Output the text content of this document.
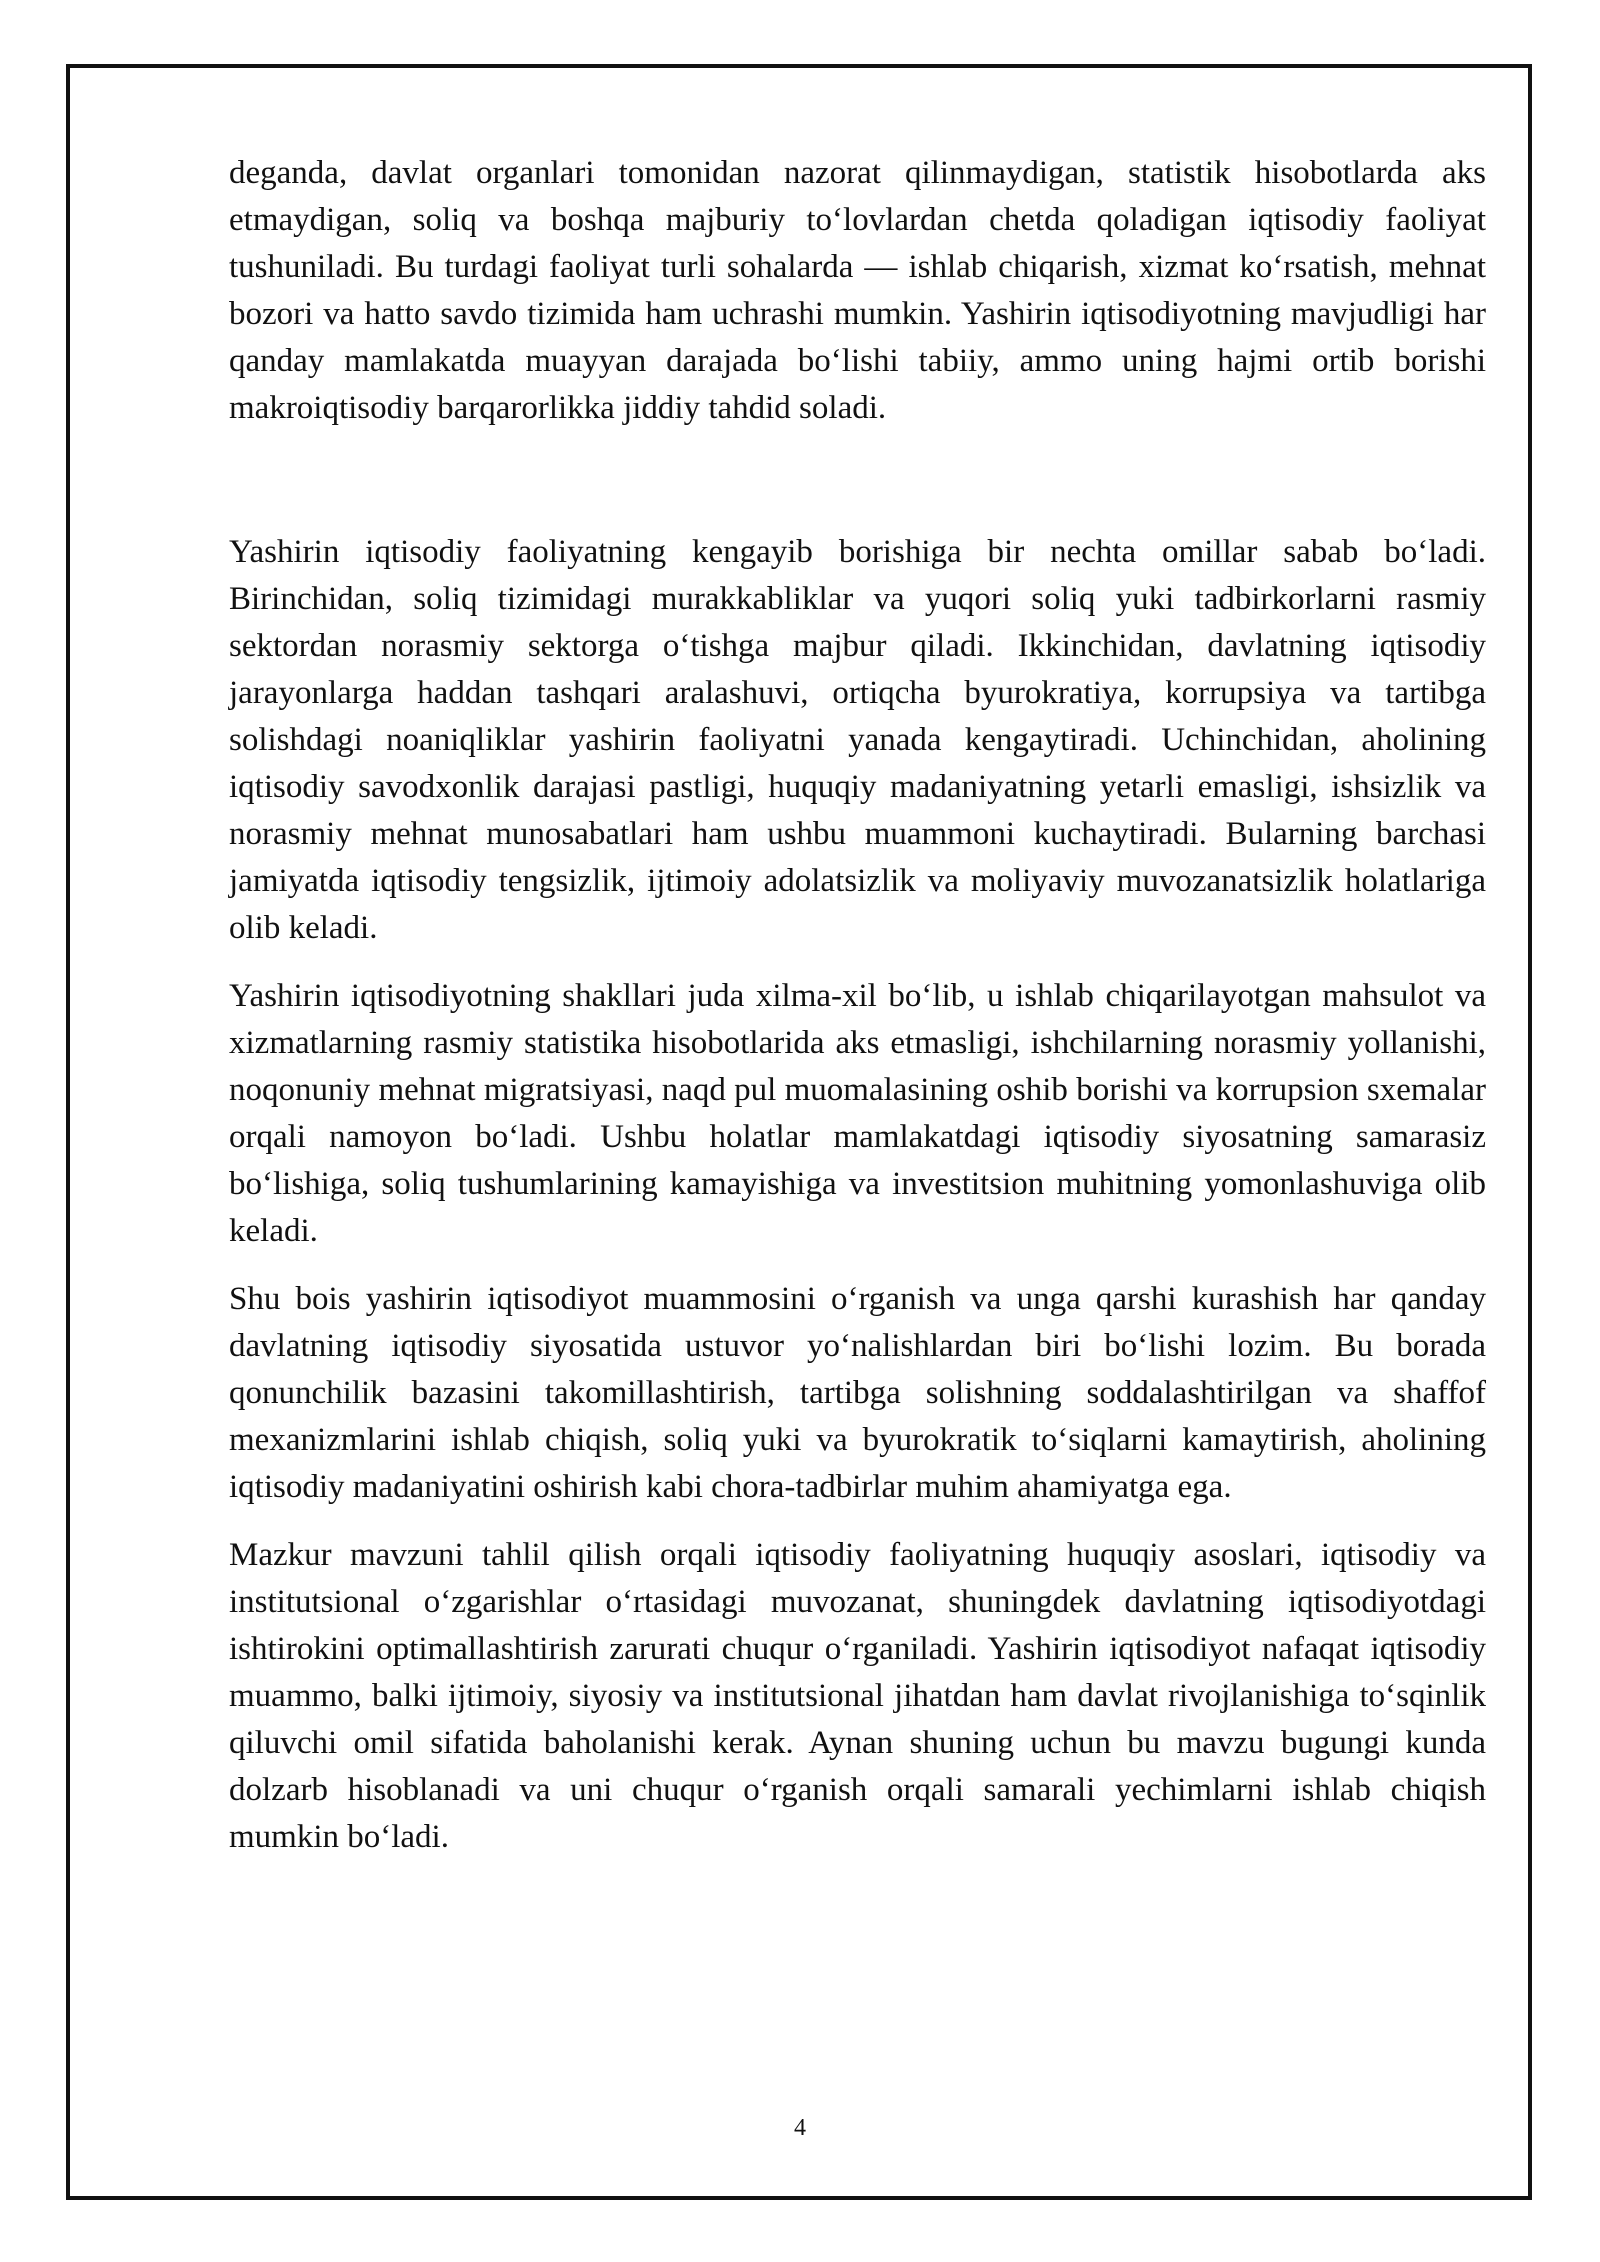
deganda, davlat organlari tomonidan nazorat qilinmaydigan, statistik hisobotlarda aks etmaydigan, soliq va boshqa majburiy to‘lovlardan chetda qoladigan iqtisodiy faoliyat tushuniladi. Bu turdagi faoliyat turli sohalarda — ishlab chiqarish, xizmat ko‘rsatish, mehnat bozori va hatto savdo tizimida ham uchrashi mumkin. Yashirin iqtisodiyotning mavjudligi har qanday mamlakatda muayyan darajada bo‘lishi tabiiy, ammo uning hajmi ortib borishi makroiqtisodiy barqarorlikka jiddiy tahdid soladi.

Yashirin iqtisodiy faoliyatning kengayib borishiga bir nechta omillar sabab bo‘ladi. Birinchidan, soliq tizimidagi murakkabliklar va yuqori soliq yuki tadbirkorlarni rasmiy sektordan norasmiy sektorga o‘tishga majbur qiladi. Ikkinchidan, davlatning iqtisodiy jarayonlarga haddan tashqari aralashuvi, ortiqcha byurokratiya, korrupsiya va tartibga solishdagi noaniqliklar yashirin faoliyatni yanada kengaytiradi. Uchinchidan, aholining iqtisodiy savodxonlik darajasi pastligi, huquqiy madaniyatning yetarli emasligi, ishsizlik va norasmiy mehnat munosabatlari ham ushbu muammoni kuchaytiradi. Bularning barchasi jamiyatda iqtisodiy tengsizlik, ijtimoiy adolatsizlik va moliyaviy muvozanatsizlik holatlariga olib keladi.

Yashirin iqtisodiyotning shakllari juda xilma-xil bo‘lib, u ishlab chiqarilayotgan mahsulot va xizmatlarning rasmiy statistika hisobotlarida aks etmasligi, ishchilarning norasmiy yollanishi, noqonuniy mehnat migratsiyasi, naqd pul muomalasining oshib borishi va korrupsion sxemalar orqali namoyon bo‘ladi. Ushbu holatlar mamlakatdagi iqtisodiy siyosatning samarasiz bo‘lishiga, soliq tushumlarining kamayishiga va investitsion muhitning yomonlashuviga olib keladi.

Shu bois yashirin iqtisodiyot muammosini o‘rganish va unga qarshi kurashish har qanday davlatning iqtisodiy siyosatida ustuvor yo‘nalishlardan biri bo‘lishi lozim. Bu borada qonunchilik bazasini takomillashtirish, tartibga solishning soddalashtirilgan va shaffof mexanizmlarini ishlab chiqish, soliq yuki va byurokratik to‘siqlarni kamaytirish, aholining iqtisodiy madaniyatini oshirish kabi chora-tadbirlar muhim ahamiyatga ega.

Mazkur mavzuni tahlil qilish orqali iqtisodiy faoliyatning huquqiy asoslari, iqtisodiy va institutsional o‘zgarishlar o‘rtasidagi muvozanat, shuningdek davlatning iqtisodiyotdagi ishtirokini optimallashtirish zarurati chuqur o‘rganiladi. Yashirin iqtisodiyot nafaqat iqtisodiy muammo, balki ijtimoiy, siyosiy va institutsional jihatdan ham davlat rivojlanishiga to‘sqinlik qiluvchi omil sifatida baholanishi kerak. Aynan shuning uchun bu mavzu bugungi kunda dolzarb hisoblanadi va uni chuqur o‘rganish orqali samarali yechimlarni ishlab chiqish mumkin bo‘ladi.

4
